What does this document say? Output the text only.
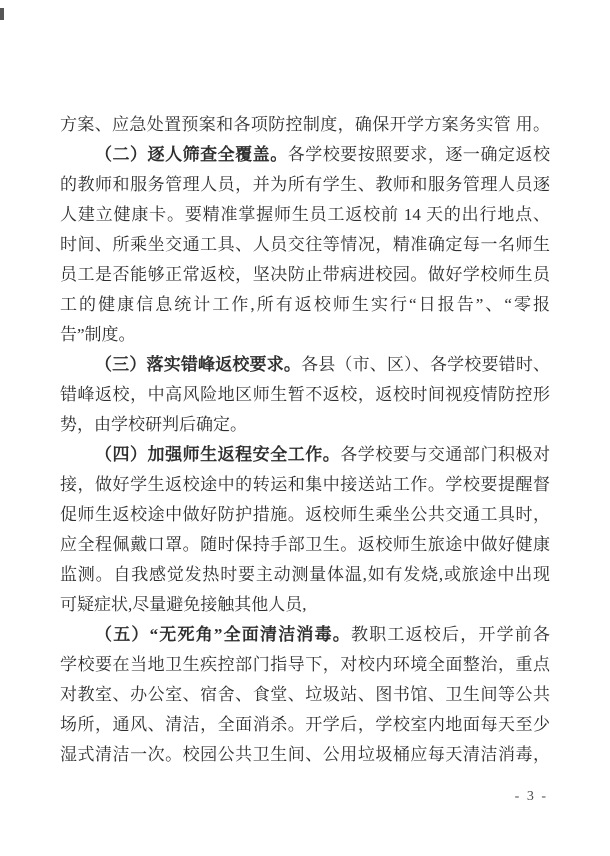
方案、应急处置预案和各项防控制度，确保开学方案务实管 用。
（二）逐人筛查全覆盖。各学校要按照要求，逐一确定返校
的教师和服务管理人员，并为所有学生、教师和服务管理人员逐
人建立健康卡。要精准掌握师生员工返校前 14 天的出行地点、
时间、所乘坐交通工具、人员交往等情况，精准确定每一名师生
员工是否能够正常返校，坚决防止带病进校园。做好学校师生员
工的健康信息统计工作,所有返校师生实行“日报告”、“零报
告”制度。
（三）落实错峰返校要求。各县（市、区）、各学校要错时、
错峰返校，中高风险地区师生暂不返校，返校时间视疫情防控形
势，由学校研判后确定。
（四）加强师生返程安全工作。各学校要与交通部门积极对
接，做好学生返校途中的转运和集中接送站工作。学校要提醒督
促师生返校途中做好防护措施。返校师生乘坐公共交通工具时，
应全程佩戴口罩。随时保持手部卫生。返校师生旅途中做好健康
监测。自我感觉发热时要主动测量体温,如有发烧,或旅途中出现
可疑症状,尽量避免接触其他人员,
（五）“无死角”全面清洁消毒。教职工返校后，开学前各
学校要在当地卫生疾控部门指导下，对校内环境全面整治，重点
对教室、办公室、宿舍、食堂、垃圾站、图书馆、卫生间等公共
场所，通风、清洁，全面消杀。开学后，学校室内地面每天至少
湿式清洁一次。校园公共卫生间、公用垃圾桶应每天清洁消毒，
- 3 -
